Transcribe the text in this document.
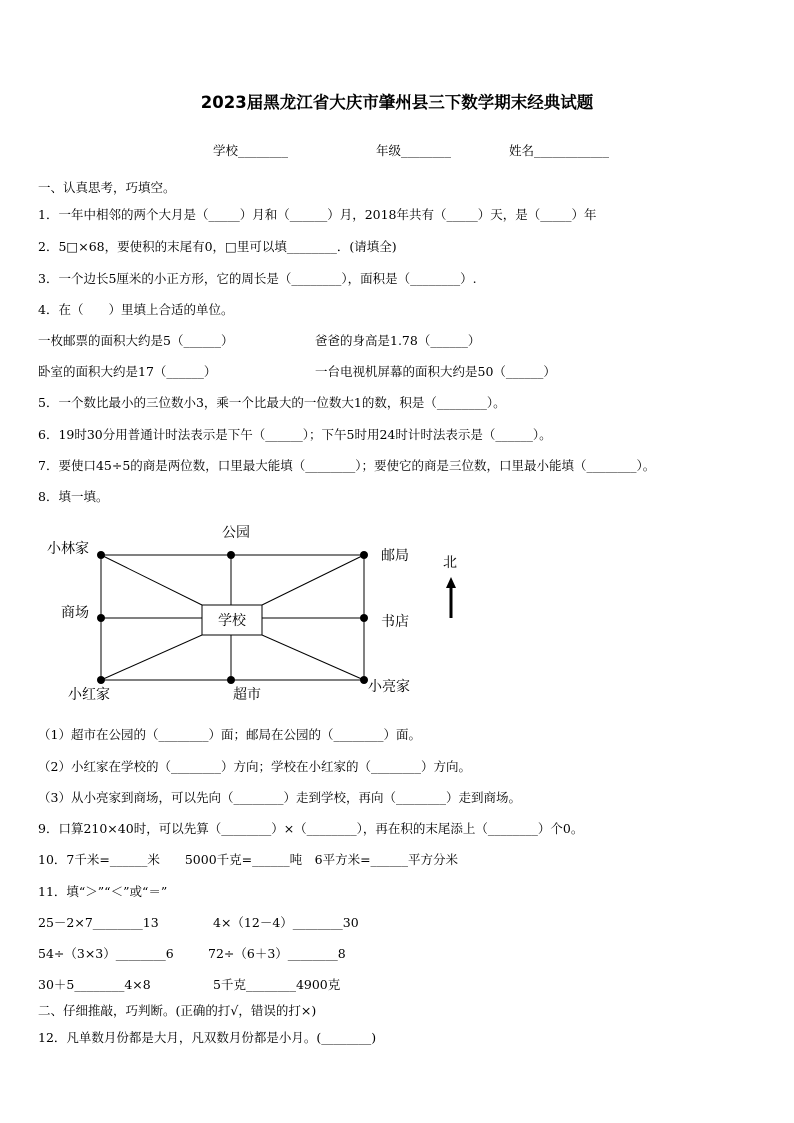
2023届黑龙江省大庆市肇州县三下数学期末经典试题
学校________	年级________	姓名____________
一、认真思考，巧填空。
1．一年中相邻的两个大月是（_____）月和（______）月，2018年共有（_____）天，是（_____）年
2．5□×68，要使积的末尾有0，□里可以填________．(请填全)
3．一个边长5厘米的小正方形，它的周长是（________），面积是（________）.
4．在（　　）里填上合适的单位。
一枚邮票的面积大约是5（______）	爸爸的身高是1.78（______）
卧室的面积大约是17（______）	一台电视机屏幕的面积大约是50（______）
5．一个数比最小的三位数小3，乘一个比最大的一位数大1的数，积是（________）。
6．19时30分用普通计时法表示是下午（______）；下午5时用24时计时法表示是（______）。
7．要使口45÷5的商是两位数，口里最大能填（________）；要使它的商是三位数，口里最小能填（________）。
8．填一填。
学校
公园
小林家	邮局
商场
书店
小红家	超市	小亮家
北
（1）超市在公园的（________）面；邮局在公园的（________）面。
（2）小红家在学校的（________）方向；学校在小红家的（________）方向。
（3）从小亮家到商场，可以先向（________）走到学校，再向（________）走到商场。
9．口算210×40时，可以先算（________）×（________），再在积的末尾添上（________）个0。
10．7千米=______米　　5000千克=______吨　6平方米=______平方分米
11．填“＞”“＜”或“＝”
25－2×7________13	4×（12－4）________30
54÷（3×3）________6	72÷（6＋3）________8
30＋5________4×8	5千克________4900克
二、仔细推敲，巧判断。(正确的打√，错误的打×)
12．凡单数月份都是大月，凡双数月份都是小月。(________)
